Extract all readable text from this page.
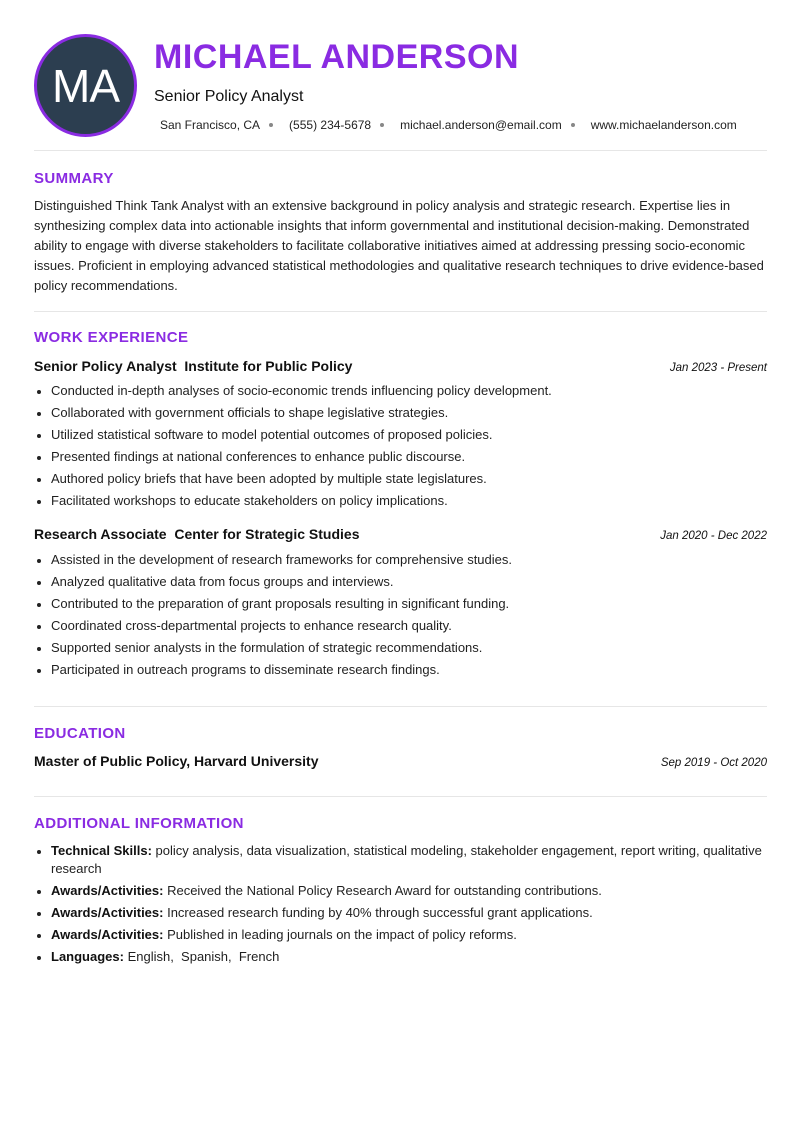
MA
MICHAEL ANDERSON
Senior Policy Analyst
San Francisco, CA (555) 234-5678 michael.anderson@email.com www.michaelanderson.com
SUMMARY
Distinguished Think Tank Analyst with an extensive background in policy analysis and strategic research. Expertise lies in synthesizing complex data into actionable insights that inform governmental and institutional decision-making. Demonstrated ability to engage with diverse stakeholders to facilitate collaborative initiatives aimed at addressing pressing socio-economic issues. Proficient in employing advanced statistical methodologies and qualitative research techniques to drive evidence-based policy recommendations.
WORK EXPERIENCE
Senior Policy Analyst  Institute for Public Policy	Jan 2023 - Present
Conducted in-depth analyses of socio-economic trends influencing policy development.
Collaborated with government officials to shape legislative strategies.
Utilized statistical software to model potential outcomes of proposed policies.
Presented findings at national conferences to enhance public discourse.
Authored policy briefs that have been adopted by multiple state legislatures.
Facilitated workshops to educate stakeholders on policy implications.
Research Associate  Center for Strategic Studies	Jan 2020 - Dec 2022
Assisted in the development of research frameworks for comprehensive studies.
Analyzed qualitative data from focus groups and interviews.
Contributed to the preparation of grant proposals resulting in significant funding.
Coordinated cross-departmental projects to enhance research quality.
Supported senior analysts in the formulation of strategic recommendations.
Participated in outreach programs to disseminate research findings.
EDUCATION
Master of Public Policy, Harvard University	Sep 2019 - Oct 2020
ADDITIONAL INFORMATION
Technical Skills: policy analysis, data visualization, statistical modeling, stakeholder engagement, report writing, qualitative research
Awards/Activities: Received the National Policy Research Award for outstanding contributions.
Awards/Activities: Increased research funding by 40% through successful grant applications.
Awards/Activities: Published in leading journals on the impact of policy reforms.
Languages: English,  Spanish,  French
